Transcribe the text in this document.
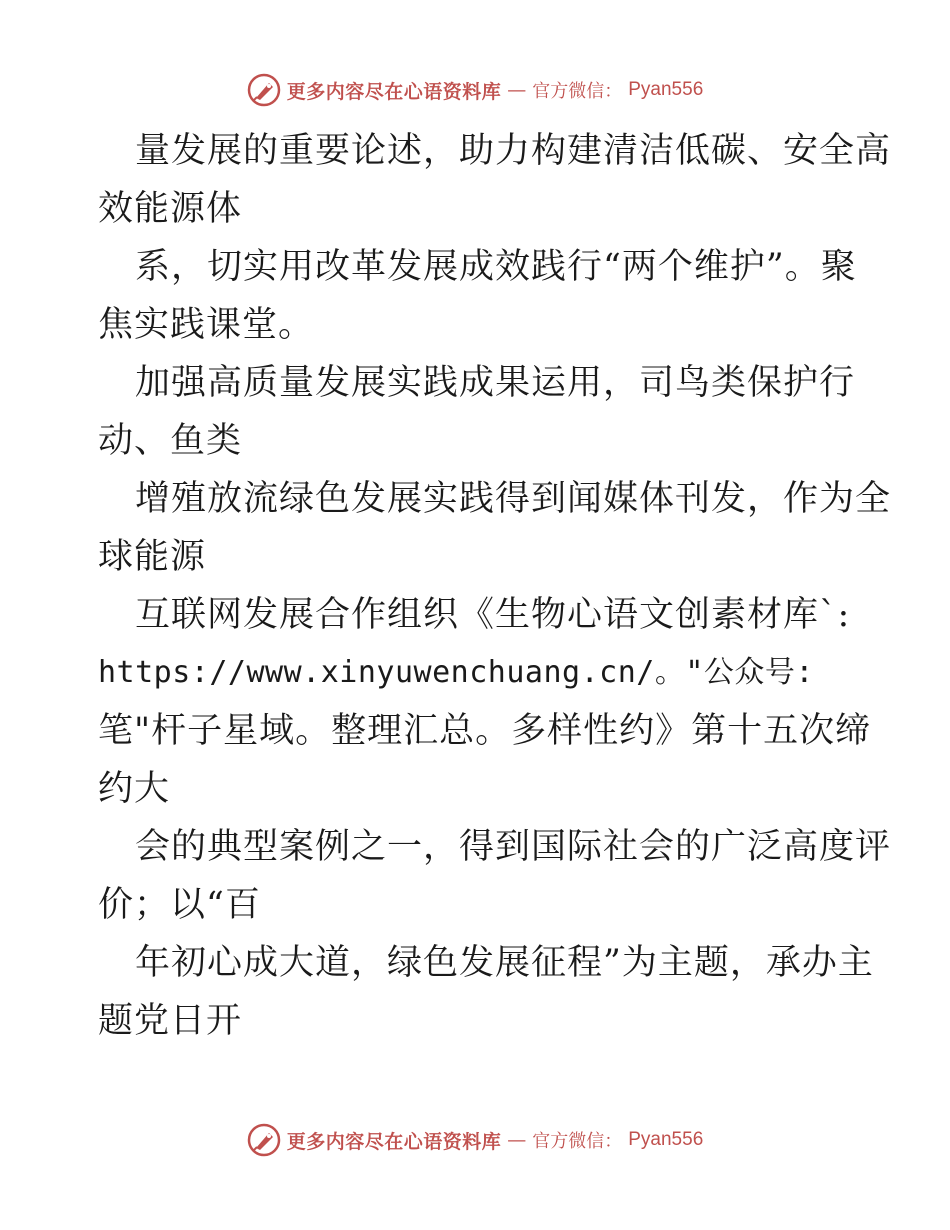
更多内容尽在心语资料库 — 官方微信： Pyan556
量发展的重要论述，助力构建清洁低碳、安全高
效能源体
系，切实用改革发展成效践行“两个维护”。聚
焦实践课堂。
加强高质量发展实践成果运用，司鸟类保护行
动、鱼类
增殖放流绿色发展实践得到闻媒体刊发，作为全
球能源
互联网发展合作组织《生物心语文创素材库`:
https://www.xinyuwenchuang.cn/。"公众号:
笔"杆子星域。整理汇总。多样性约》第十五次缔
约大
会的典型案例之一，得到国际社会的广泛高度评
价；以“百
年初心成大道，绿色发展征程”为主题，承办主
题党日开
更多内容尽在心语资料库 — 官方微信： Pyan556
